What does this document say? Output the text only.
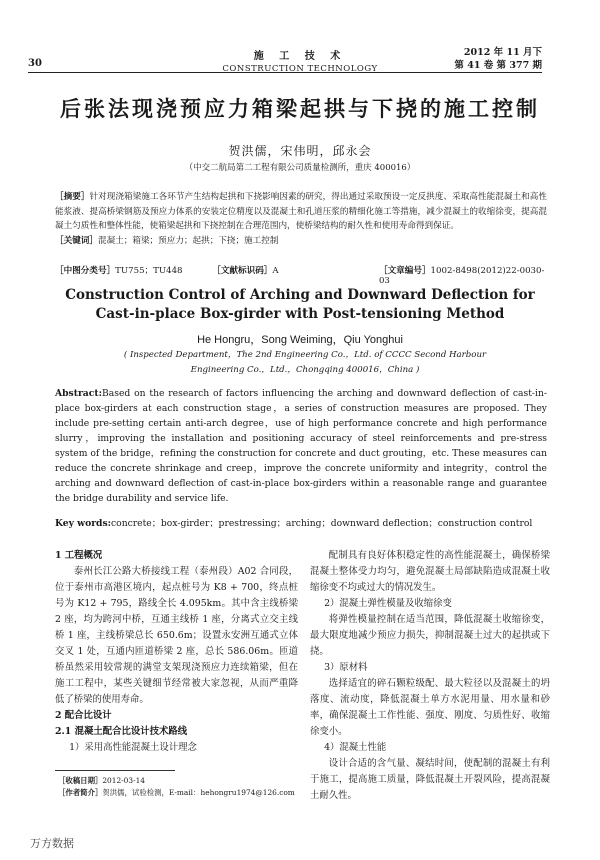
30
施 工 技 术
CONSTRUCTION TECHNOLOGY
2012 年 11 月下
第 41 卷 第 377 期
后张法现浇预应力箱梁起拱与下挠的施工控制
贺洪儒，宋伟明，邱永会
（中交二航局第二工程有限公司质量检测所，重庆 400016）
［摘要］针对现浇箱梁施工各环节产生结构起拱和下挠影响因素的研究，得出通过采取预设一定反拱度、采取高性能混凝土和高性能浆液、提高桥梁钢筋及预应力体系的安装定位精度以及混凝土和孔道压浆的精细化施工等措施，减少混凝土的收缩徐变，提高混凝土匀质性和整体性能，使箱梁起拱和下挠控制在合理范围内，使桥梁结构的耐久性和使用寿命得到保证。
［关键词］混凝土；箱梁；预应力；起拱；下挠；施工控制
［中图分类号］TU755；TU448	［文献标识码］A	［文章编号］1002-8498(2012)22-0030-03
Construction Control of Arching and Downward Deflection for Cast-in-place Box-girder with Post-tensioning Method
He Hongru，Song Weiming，Qiu Yonghui
( Inspected Department，The 2nd Engineering Co.，Ltd. of CCCC Second Harbour Engineering Co.，Ltd.，Chongqing 400016，China )
Abstract:Based on the research of factors influencing the arching and downward deflection of cast-in-place box-girders at each construction stage，a series of construction measures are proposed. They include pre-setting certain anti-arch degree，use of high performance concrete and high performance slurry，improving the installation and positioning accuracy of steel reinforcements and pre-stress system of the bridge，refining the construction for concrete and duct grouting，etc. These measures can reduce the concrete shrinkage and creep，improve the concrete uniformity and integrity，control the arching and downward deflection of cast-in-place box-girders within a reasonable range and guarantee the bridge durability and service life.
Key words:concrete；box-girder；prestressing；arching；downward deflection；construction control
1 工程概况
泰州长江公路大桥接线工程（泰州段）A02 合同段，位于泰州市高港区境内，起点桩号为 K8 + 700，终点桩号为 K12 + 795，路线全长 4.095km。其中含主线桥梁 2 座，均为跨河中桥，互通主线桥 1 座，分离式立交主线桥 1 座，主线桥梁总长 650.6m；设置永安洲互通式立体交叉 1 处，互通内匝道桥梁 2 座，总长 586.06m。匝道桥虽然采用较常规的满堂支架现浇预应力连续箱梁，但在施工工程中，某些关键细节经常被大家忽视，从而严重降低了桥梁的使用寿命。
2 配合比设计
2.1 混凝土配合比设计技术路线
1）采用高性能混凝土设计理念
配制具有良好体积稳定性的高性能混凝土，确保桥梁混凝土整体受力均匀，避免混凝土局部缺陷造成混凝土收缩徐变不均或过大的情况发生。
2）混凝土弹性模量及收缩徐变
将弹性模量控制在适当范围，降低混凝土收缩徐变，最大限度地减少预应力损失，抑制混凝土过大的起拱或下挠。
3）原材料
选择适宜的碎石颗粒级配、最大粒径以及混凝土的坍落度、流动度，降低混凝土单方水泥用量、用水量和砂率，确保混凝土工作性能、强度、刚度、匀质性好、收缩徐变小。
4）混凝土性能
设计合适的含气量、凝结时间，使配制的混凝土有利于施工，提高施工质量，降低混凝土开裂风险，提高混凝土耐久性。
［收稿日期］2012-03-14
［作者简介］贺洪儒，试验检测，E-mail：hehongru1974@126.com
万方数据
